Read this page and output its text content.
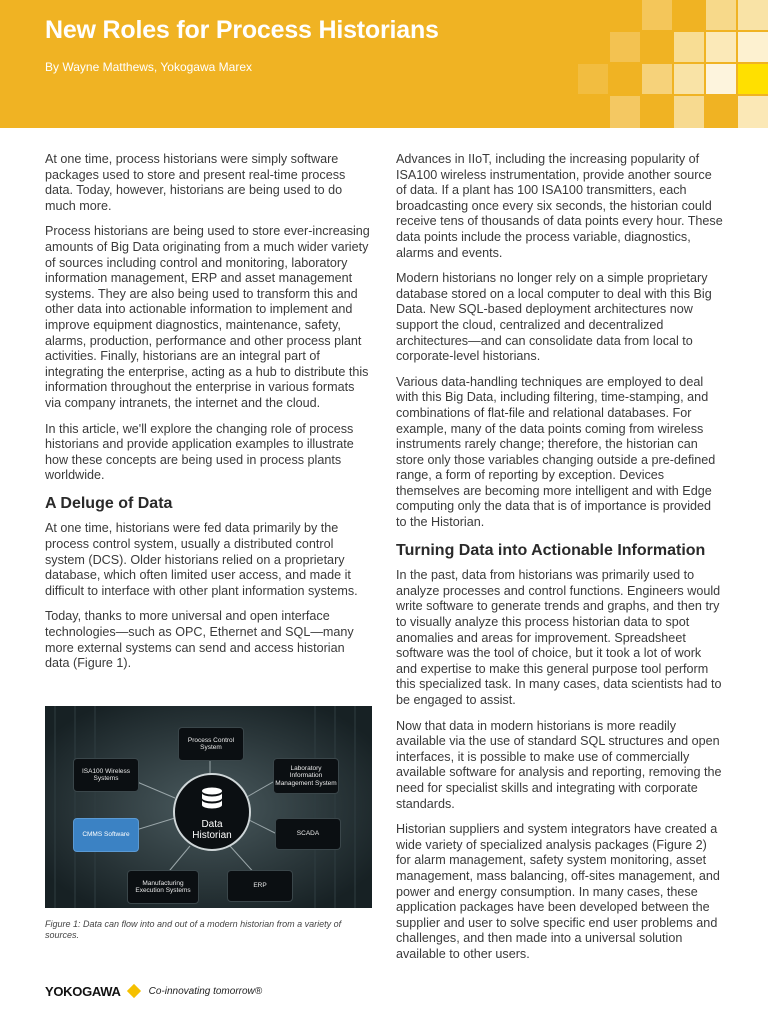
New Roles for Process Historians
By Wayne Matthews, Yokogawa Marex

At one time, process historians were simply software packages used to store and present real-time process data. Today, however, historians are being used to do much more.

Process historians are being used to store ever-increasing amounts of Big Data originating from a much wider variety of sources including control and monitoring, laboratory information management, ERP and asset management systems. They are also being used to transform this and other data into actionable information to implement and improve equipment diagnostics, maintenance, safety, alarms, production, performance and other process plant activities. Finally, historians are an integral part of integrating the enterprise, acting as a hub to distribute this information throughout the enterprise in various formats via company intranets, the internet and the cloud.

In this article, we'll explore the changing role of process historians and provide application examples to illustrate how these concepts are being used in process plants worldwide.

A Deluge of Data

At one time, historians were fed data primarily by the process control system, usually a distributed control system (DCS). Older historians relied on a proprietary database, which often limited user access, and made it difficult to interface with other plant information systems.

Today, thanks to more universal and open interface technologies—such as OPC, Ethernet and SQL—many more external systems can send and access historian data (Figure 1).

Process Control System
ISA100 Wireless Systems
Laboratory Information Management System
CMMS Software	SCADA
Manufacturing Execution Systems
ERP
Data
Historian
Figure 1: Data can flow into and out of a modern historian from a variety of sources.

Advances in IIoT, including the increasing popularity of ISA100 wireless instrumentation, provide another source of data. If a plant has 100 ISA100 transmitters, each broadcasting once every six seconds, the historian could receive tens of thousands of data points every hour. These data points include the process variable, diagnostics, alarms and events.

Modern historians no longer rely on a simple proprietary database stored on a local computer to deal with this Big Data. New SQL-based deployment architectures now support the cloud, centralized and decentralized architectures—and can consolidate data from local to corporate-level historians.

Various data-handling techniques are employed to deal with this Big Data, including filtering, time-stamping, and combinations of flat-file and relational databases. For example, many of the data points coming from wireless instruments rarely change; therefore, the historian can store only those variables changing outside a pre-defined range, a form of reporting by exception. Devices themselves are becoming more intelligent and with Edge computing only the data that is of importance is provided to the Historian.

Turning Data into Actionable Information

In the past, data from historians was primarily used to analyze processes and control functions. Engineers would write software to generate trends and graphs, and then try to visually analyze this process historian data to spot anomalies and areas for improvement. Spreadsheet software was the tool of choice, but it took a lot of work and expertise to make this general purpose tool perform this specialized task. In many cases, data scientists had to be engaged to assist.

Now that data in modern historians is more readily available via the use of standard SQL structures and open interfaces, it is possible to make use of commercially available software for analysis and reporting, removing the need for specialist skills and integrating with corporate standards.

Historian suppliers and system integrators have created a wide variety of specialized analysis packages (Figure 2) for alarm management, safety system monitoring, asset management, mass balancing, off-sites management, and power and energy consumption. In many cases, these application packages have been developed between the supplier and user to solve specific end user problems and challenges, and then made into a universal solution available to other users.

YOKOGAWA	Co-innovating tomorrow®
